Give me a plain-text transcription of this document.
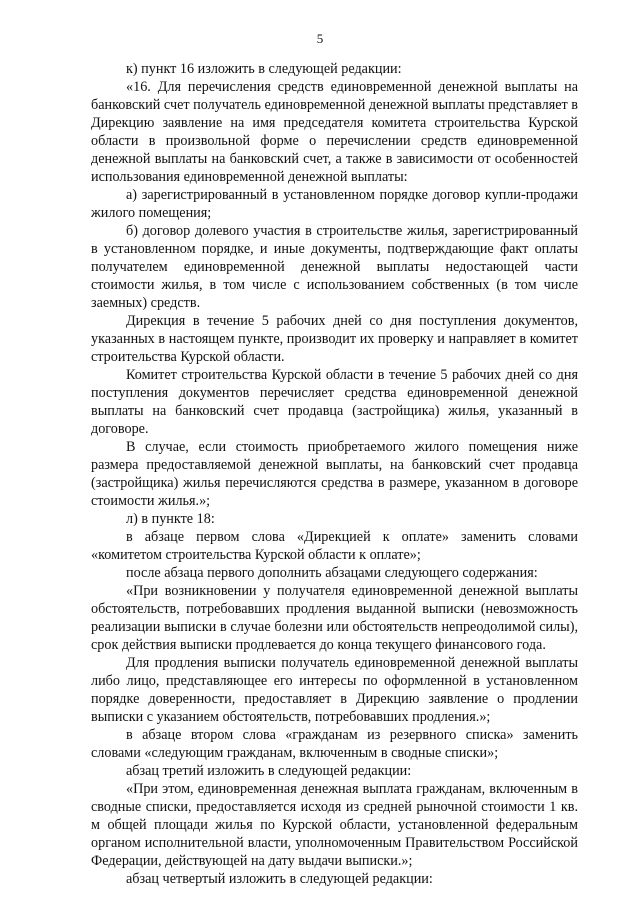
5

к) пункт 16 изложить в следующей редакции:

«16. Для перечисления средств единовременной денежной выплаты на банковский счет получатель единовременной денежной выплаты представляет в Дирекцию заявление на имя председателя комитета строительства Курской области в произвольной форме о перечислении средств единовременной денежной выплаты на банковский счет, а также в зависимости от особенностей использования единовременной денежной выплаты:

а) зарегистрированный в установленном порядке договор купли-продажи жилого помещения;

б) договор долевого участия в строительстве жилья, зарегистрированный в установленном порядке, и иные документы, подтверждающие факт оплаты получателем единовременной денежной выплаты недостающей части стоимости жилья, в том числе с использованием собственных (в том числе заемных) средств.

Дирекция в течение 5 рабочих дней со дня поступления документов, указанных в настоящем пункте, производит их проверку и направляет в комитет строительства Курской области.

Комитет строительства Курской области в течение 5 рабочих дней со дня поступления документов перечисляет средства единовременной денежной выплаты на банковский счет продавца (застройщика) жилья, указанный в договоре.

В случае, если стоимость приобретаемого жилого помещения ниже размера предоставляемой денежной выплаты, на банковский счет продавца (застройщика) жилья перечисляются средства в размере, указанном в договоре стоимости жилья.»;

л) в пункте 18:

в абзаце первом слова «Дирекцией к оплате» заменить словами «комитетом строительства Курской области к оплате»;

после абзаца первого дополнить абзацами следующего содержания:

«При возникновении у получателя единовременной денежной выплаты обстоятельств, потребовавших продления выданной выписки (невозможность реализации выписки в случае болезни или обстоятельств непреодолимой силы), срок действия выписки продлевается до конца текущего финансового года.

Для продления выписки получатель единовременной денежной выплаты либо лицо, представляющее его интересы по оформленной в установленном порядке доверенности, предоставляет в Дирекцию заявление о продлении выписки с указанием обстоятельств, потребовавших продления.»;

в абзаце втором слова «гражданам из резервного списка» заменить словами «следующим гражданам, включенным в сводные списки»;

абзац третий изложить в следующей редакции:

«При этом, единовременная денежная выплата гражданам, включенным в сводные списки, предоставляется исходя из средней рыночной стоимости 1 кв. м общей площади жилья по Курской области, установленной федеральным органом исполнительной власти, уполномоченным Правительством Российской Федерации, действующей на дату выдачи выписки.»;

абзац четвертый изложить в следующей редакции:
